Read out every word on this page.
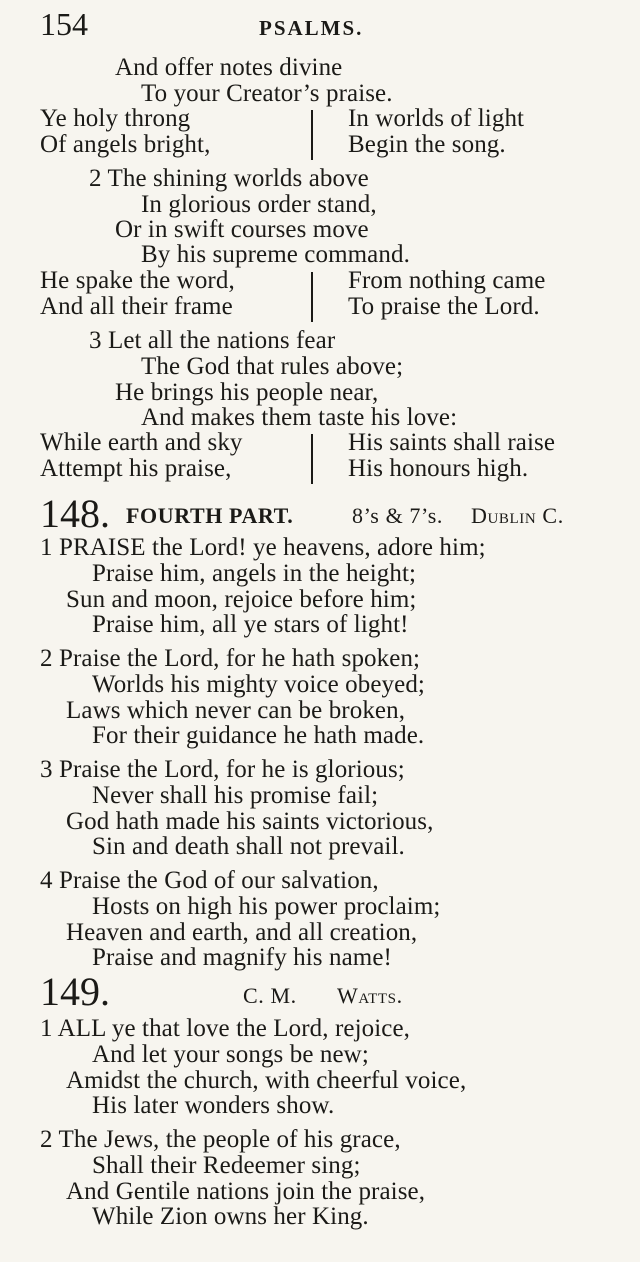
154	PSALMS.
And offer notes divine
To your Creator’s praise.
Ye holy throng
Of angels bright,
In worlds of light
Begin the song.
2 The shining worlds above
In glorious order stand,
Or in swift courses move
By his supreme command.
He spake the word,
And all their frame
From nothing came
To praise the Lord.
3 Let all the nations fear
The God that rules above;
He brings his people near,
And makes them taste his love:
While earth and sky
Attempt his praise,
His saints shall raise
His honours high.
148. FOURTH PART.	8’s & 7’s. Dublin C.
1 PRAISE the Lord! ye heavens, adore him;
Praise him, angels in the height;
Sun and moon, rejoice before him;
Praise him, all ye stars of light!
2 Praise the Lord, for he hath spoken;
Worlds his mighty voice obeyed;
Laws which never can be broken,
For their guidance he hath made.
3 Praise the Lord, for he is glorious;
Never shall his promise fail;
God hath made his saints victorious,
Sin and death shall not prevail.
4 Praise the God of our salvation,
Hosts on high his power proclaim;
Heaven and earth, and all creation,
Praise and magnify his name!
149.	C. M. Watts.
1 ALL ye that love the Lord, rejoice,
And let your songs be new;
Amidst the church, with cheerful voice,
His later wonders show.
2 The Jews, the people of his grace,
Shall their Redeemer sing;
And Gentile nations join the praise,
While Zion owns her King.
